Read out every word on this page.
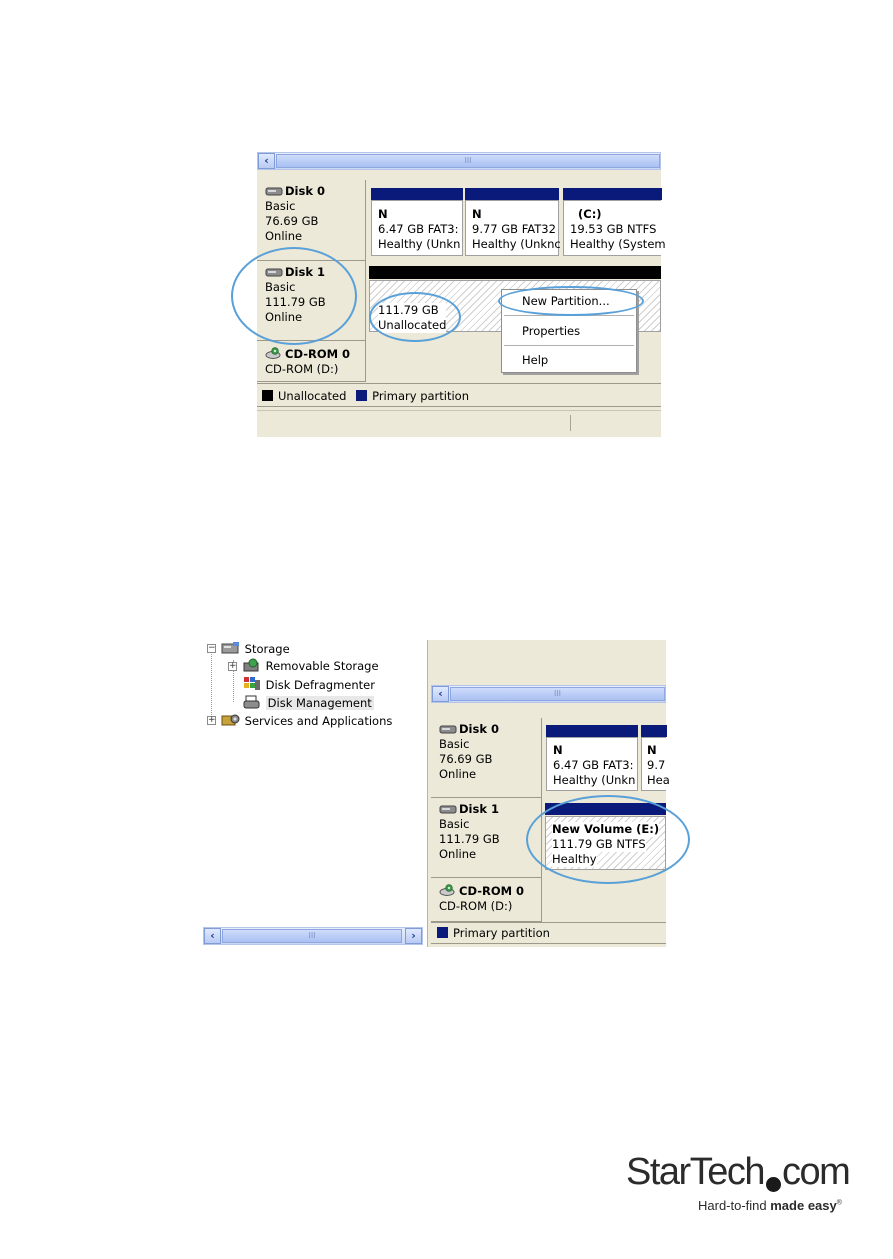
‹	III
Disk 0
Basic
76.69 GB
Online
N
6.47 GB FAT3:
Healthy (Unkn
N
9.77 GB FAT32
Healthy (Unknc
(C:)
19.53 GB NTFS
Healthy (System
Disk 1
Basic
111.79 GB
Online	111.79 GB
Unallocated
CD-ROM 0
CD-ROM (D:)
Unallocated Primary partition
New Partition...
Properties
Help
−	Storage
+	Removable Storage
Disk Defragmenter
Disk Management
+	Services and Applications
‹	III	›
‹	III
Disk 0
Basic
76.69 GB
Online
N
6.47 GB FAT3:
Healthy (Unkn
N
9.7
Hea
Disk 1
Basic
111.79 GB
Online
New Volume (E:)
111.79 GB NTFS
Healthy
CD-ROM 0
CD-ROM (D:)
Primary partition
StarTech com
Hard-to-find made easy®
